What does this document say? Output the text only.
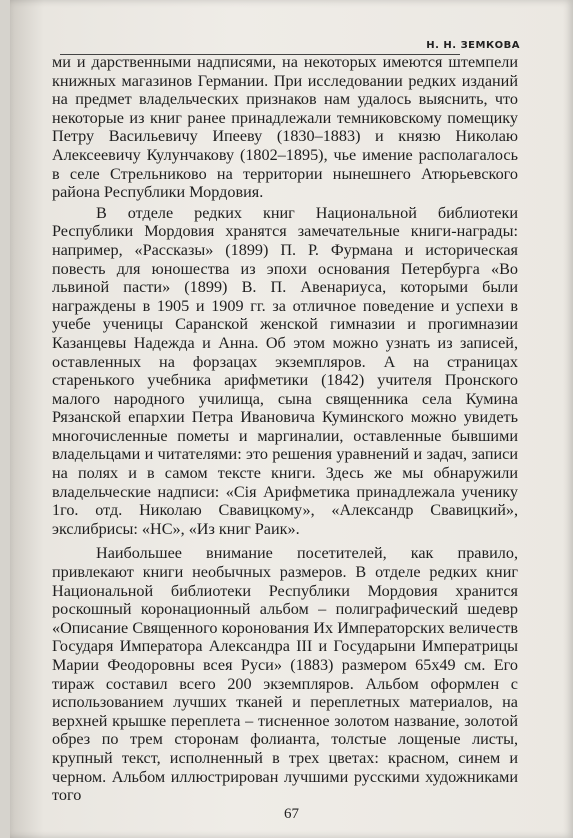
Н. Н. ЗЕМКОВА

ми и дарственными надписями, на некоторых имеются штемпели книжных магазинов Германии. При исследовании редких изданий на предмет владельческих признаков нам удалось выяснить, что некоторые из книг ранее принадлежали темниковскому помещику Петру Васильевичу Ипееву (1830–1883) и князю Николаю Алексеевичу Кулунчакову (1802–1895), чье имение располагалось в селе Стрельниково на территории нынешнего Атюрьевского района Республики Мордовия.

В отделе редких книг Национальной библиотеки Республики Мордовия хранятся замечательные книги-награды: например, «Рассказы» (1899) П. Р. Фурмана и историческая повесть для юношества из эпохи основания Петербурга «Во львиной пасти» (1899) В. П. Авенариуса, которыми были награждены в 1905 и 1909 гг. за отличное поведение и успехи в учебе ученицы Саранской женской гимназии и прогимназии Казанцевы Надежда и Анна. Об этом можно узнать из записей, оставленных на форзацах экземпляров. А на страницах старенького учебника арифметики (1842) учителя Пронского малого народного училища, сына священника села Кумина Рязанской епархии Петра Ивановича Куминского можно увидеть многочисленные пометы и маргиналии, оставленные бывшими владельцами и читателями: это решения уравнений и задач, записи на полях и в самом тексте книги. Здесь же мы обнаружили владельческие надписи: «Сія Арифметика принадлежала ученику 1го. отд. Николаю Свавицкому», «Александр Свавицкий», экслибрисы: «НС», «Из книг Раик».

Наибольшее внимание посетителей, как правило, привлекают книги необычных размеров. В отделе редких книг Национальной библиотеки Республики Мордовия хранится роскошный коронационный альбом – полиграфический шедевр «Описание Священного коронования Их Императорских величеств Государя Императора Александра III и Государыни Императрицы Марии Феодоровны всея Руси» (1883) размером 65х49 см. Его тираж составил всего 200 экземпляров. Альбом оформлен с использованием лучших тканей и переплетных материалов, на верхней крышке переплета – тисненное золотом название, золотой обрез по трем сторонам фолианта, толстые лощеные листы, крупный текст, исполненный в трех цветах: красном, синем и черном. Альбом иллюстрирован лучшими русскими художниками того

67
